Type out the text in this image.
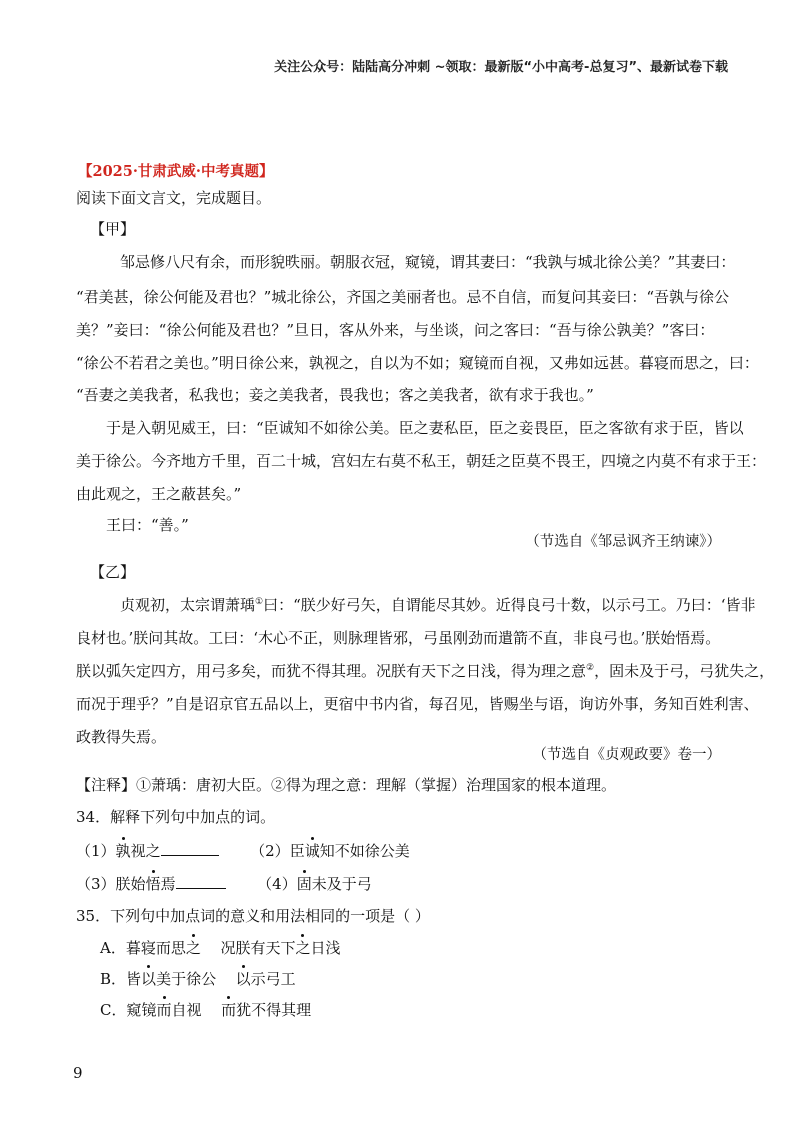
关注公众号：陆陆高分冲刺 ~领取：最新版“小中高考-总复习”、最新试卷下载
【2025·甘肃武威·中考真题】
阅读下面文言文，完成题目。
【甲】
邹忌修八尺有余，而形貌昳丽。朝服衣冠，窥镜，谓其妻曰：“我孰与城北徐公美？”其妻曰：
“君美甚，徐公何能及君也？”城北徐公，齐国之美丽者也。忌不自信，而复问其妾曰：“吾孰与徐公
美？”妾曰：“徐公何能及君也？”旦日，客从外来，与坐谈，问之客曰：“吾与徐公孰美？”客曰：
“徐公不若君之美也。”明日徐公来，孰视之，自以为不如；窥镜而自视，又弗如远甚。暮寝而思之，曰：
“吾妻之美我者，私我也；妾之美我者，畏我也；客之美我者，欲有求于我也。”
于是入朝见威王，曰：“臣诚知不如徐公美。臣之妻私臣，臣之妾畏臣，臣之客欲有求于臣，皆以
美于徐公。今齐地方千里，百二十城，宫妇左右莫不私王，朝廷之臣莫不畏王，四境之内莫不有求于王：
由此观之，王之蔽甚矣。”
王曰：“善。”
（节选自《邹忌讽齐王纳谏》）
【乙】
贞观初，太宗谓萧瑀①曰：“朕少好弓矢，自谓能尽其妙。近得良弓十数，以示弓工。乃曰：‘皆非
良材也。’朕问其故。工曰：‘木心不正，则脉理皆邪，弓虽刚劲而遣箭不直，非良弓也。’朕始悟焉。
朕以弧矢定四方，用弓多矣，而犹不得其理。况朕有天下之日浅，得为理之意②，固未及于弓，弓犹失之，
而况于理乎？”自是诏京官五品以上，更宿中书内省，每召见，皆赐坐与语，询访外事，务知百姓利害、
政教得失焉。
（节选自《贞观政要》卷一）
【注释】①萧瑀：唐初大臣。②得为理之意：理解（掌握）治理国家的根本道理。
34．解释下列句中加点的词。
（1）孰视之	（2）臣诚知不如徐公美
（3）朕始悟焉	（4）固未及于弓
35．下列句中加点词的意义和用法相同的一项是（ ）
A．暮寝而思之 况朕有天下之日浅
B．皆以美于徐公 以示弓工
C．窥镜而自视 而犹不得其理
9
